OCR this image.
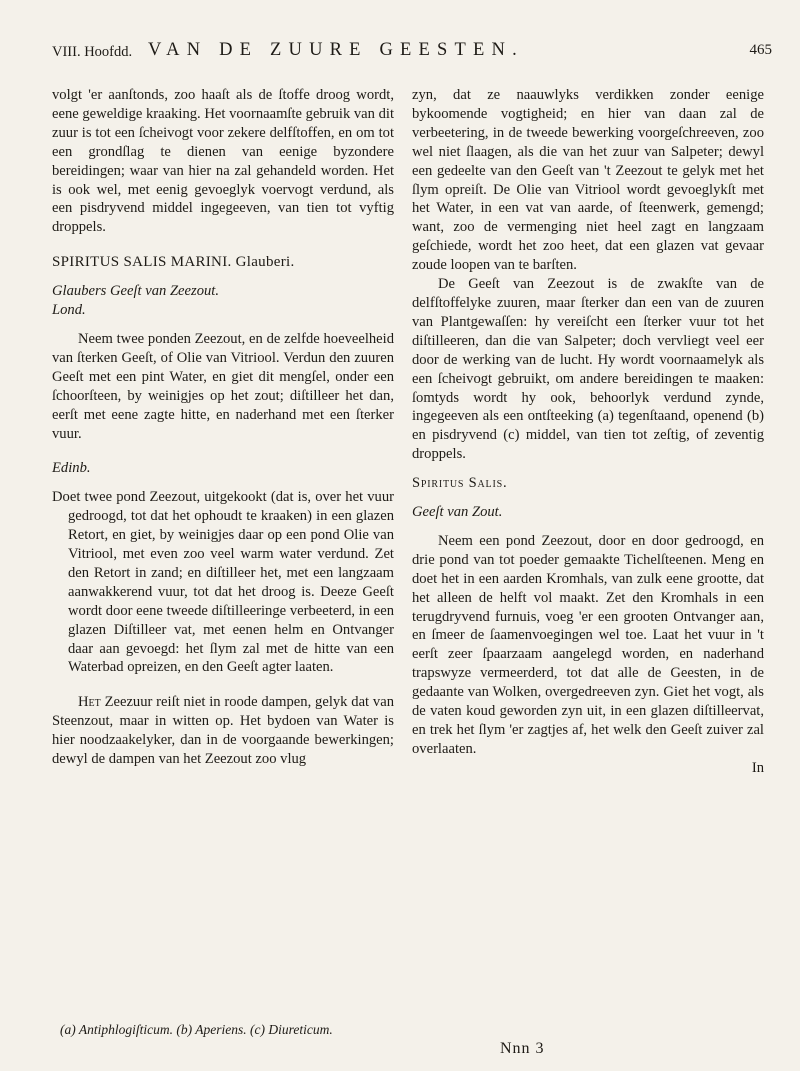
VIII. Hoofdd. VAN DE ZUURE GEESTEN.	465

volgt 'er aanſtonds, zoo haaſt als de ſtoffe droog wordt, eene geweldige kraaking. Het voornaamſte gebruik van dit zuur is tot een ſcheivogt voor zekere delfſtoffen, en om tot een grondſlag te dienen van eenige byzondere bereidingen; waar van hier na zal gehandeld worden. Het is ook wel, met eenig gevoeglyk voervogt verdund, als een pisdryvend middel ingegeeven, van tien tot vyftig droppels.

SPIRITUS SALIS MARINI. Glauberi.

Glaubers Geeſt van Zeezout.

Lond.

Neem twee ponden Zeezout, en de zelfde hoeveelheid van ſterken Geeſt, of Olie van Vitriool. Verdun den zuuren Geeſt met een pint Water, en giet dit mengſel, onder een ſchoorſteen, by weinigjes op het zout; diſtilleer het dan, eerſt met eene zagte hitte, en naderhand met een ſterker vuur.

Edinb.

Doet twee pond Zeezout, uitgekookt (dat is, over het vuur gedroogd, tot dat het ophoudt te kraaken) in een glazen Retort, en giet, by weinigjes daar op een pond Olie van Vitriool, met even zoo veel warm water verdund. Zet den Retort in zand; en diſtilleer het, met een langzaam aanwakkerend vuur, tot dat het droog is. Deeze Geeſt wordt door eene tweede diſtilleeringe verbeeterd, in een glazen Diſtilleer vat, met eenen helm en Ontvanger daar aan gevoegd: het ſlym zal met de hitte van een Waterbad opreizen, en den Geeſt agter laaten.

Het Zeezuur reiſt niet in roode dampen, gelyk dat van Steenzout, maar in witten op. Het bydoen van Water is hier noodzaakelyker, dan in de voorgaande bewerkingen; dewyl de dampen van het Zeezout zoo vlug

zyn, dat ze naauwlyks verdikken zonder eenige bykoomende vogtigheid; en hier van daan zal de verbeetering, in de tweede bewerking voorgeſchreeven, zoo wel niet ſlaagen, als die van het zuur van Salpeter; dewyl een gedeelte van den Geeſt van 't Zeezout te gelyk met het ſlym opreiſt. De Olie van Vitriool wordt gevoeglykſt met het Water, in een vat van aarde, of ſteenwerk, gemengd; want, zoo de vermenging niet heel zagt en langzaam geſchiede, wordt het zoo heet, dat een glazen vat gevaar zoude loopen van te barſten.

De Geeſt van Zeezout is de zwakſte van de delfſtoffelyke zuuren, maar ſterker dan een van de zuuren van Plantgewaſſen: hy vereiſcht een ſterker vuur tot het diſtilleeren, dan die van Salpeter; doch vervliegt veel eer door de werking van de lucht. Hy wordt voornaamelyk als een ſcheivogt gebruikt, om andere bereidingen te maaken: ſomtyds wordt hy ook, behoorlyk verdund zynde, ingegeeven als een ontſteeking (a) tegenſtaand, openend (b) en pisdryvend (c) middel, van tien tot zeſtig, of zeventig droppels.

Spiritus Salis.

Geeſt van Zout.

Neem een pond Zeezout, door en door gedroogd, en drie pond van tot poeder gemaakte Tichelſteenen. Meng en doet het in een aarden Kromhals, van zulk eene grootte, dat het alleen de helft vol maakt. Zet den Kromhals in een terugdryvend furnuis, voeg 'er een grooten Ontvanger aan, en ſmeer de ſaamenvoegingen wel toe. Laat het vuur in 't eerſt zeer ſpaarzaam aangelegd worden, en naderhand trapswyze vermeerderd, tot dat alle de Geesten, in de gedaante van Wolken, overgedreeven zyn. Giet het vogt, als de vaten koud geworden zyn uit, in een glazen diſtilleervat, en trek het ſlym 'er zagtjes af, het welk den Geeſt zuiver zal overlaaten.

In

(a) Antiphlogiſticum. (b) Aperiens. (c) Diureticum.
Nnn 3
